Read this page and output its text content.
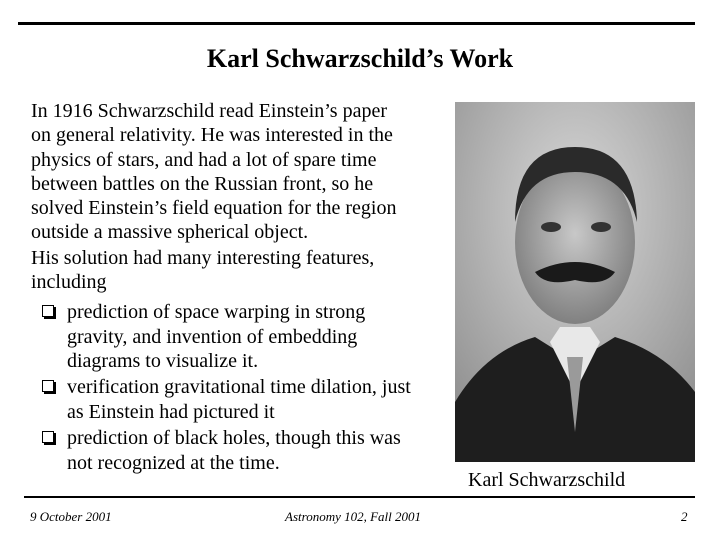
Karl Schwarzschild’s Work
In 1916 Schwarzschild read Einstein’s paper
on general relativity. He was interested in the
physics of stars, and had a lot of spare time
between battles on the Russian front, so he
solved Einstein’s field equation for the region
outside a massive spherical object.
His solution had many interesting features,
including
prediction of space warping in strong
gravity, and invention of embedding
diagrams to visualize it.
verification gravitational time dilation, just
as Einstein had pictured it
prediction of black holes, though this was
not recognized at the time.
Karl Schwarzschild
9 October 2001	Astronomy 102, Fall 2001	2
